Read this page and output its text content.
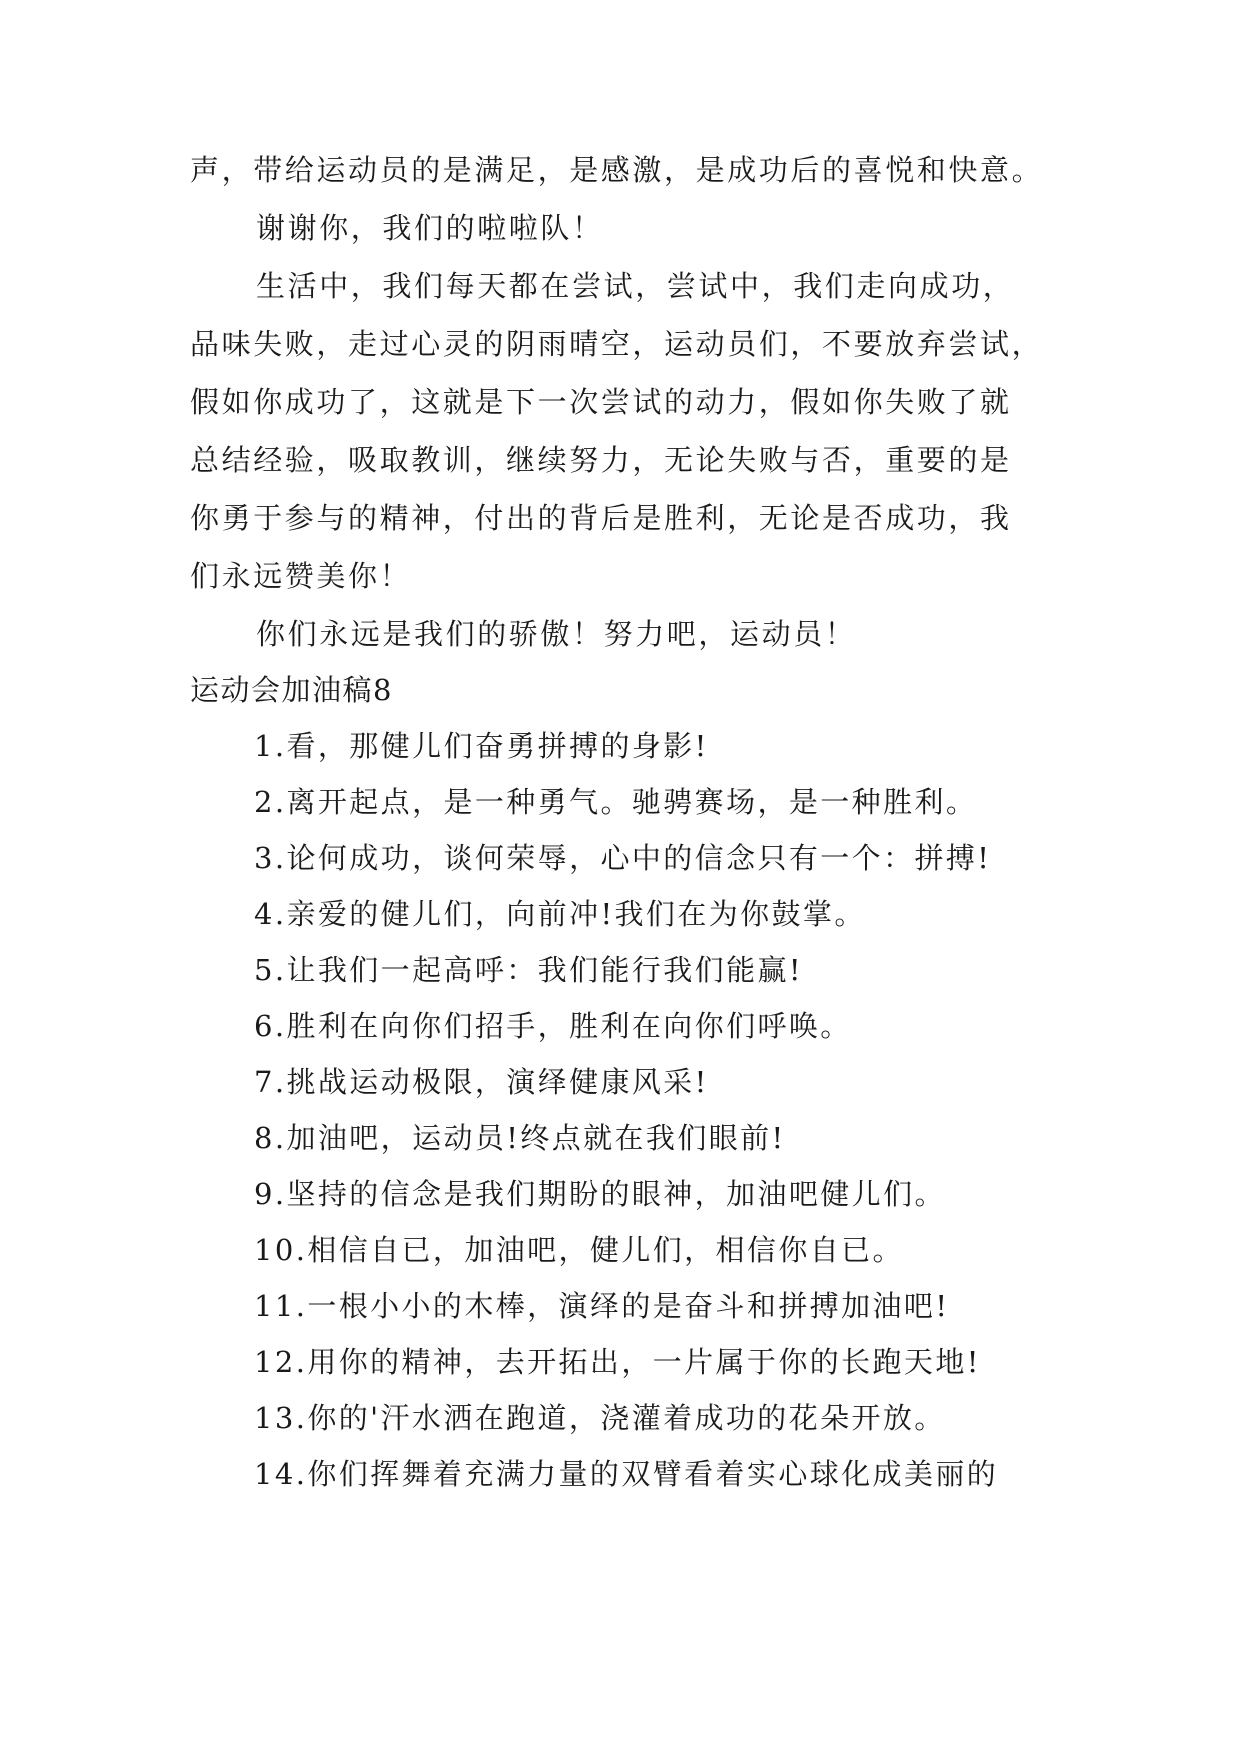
声，带给运动员的是满足，是感激，是成功后的喜悦和快意。
谢谢你，我们的啦啦队！
生活中，我们每天都在尝试，尝试中，我们走向成功，
品味失败，走过心灵的阴雨晴空，运动员们，不要放弃尝试，
假如你成功了，这就是下一次尝试的动力，假如你失败了就
总结经验，吸取教训，继续努力，无论失败与否，重要的是
你勇于参与的精神，付出的背后是胜利，无论是否成功，我
们永远赞美你！
你们永远是我们的骄傲！努力吧，运动员！
运动会加油稿8
1.看，那健儿们奋勇拼搏的身影!
2.离开起点，是一种勇气。驰骋赛场，是一种胜利。
3.论何成功，谈何荣辱，心中的信念只有一个：拼搏!
4.亲爱的健儿们，向前冲!我们在为你鼓掌。
5.让我们一起高呼：我们能行我们能赢!
6.胜利在向你们招手，胜利在向你们呼唤。
7.挑战运动极限，演绎健康风采!
8.加油吧，运动员!终点就在我们眼前!
9.坚持的信念是我们期盼的眼神，加油吧健儿们。
10.相信自已，加油吧，健儿们，相信你自已。
11.一根小小的木棒，演绎的是奋斗和拼搏加油吧!
12.用你的精神，去开拓出，一片属于你的长跑天地!
13.你的'汗水洒在跑道，浇灌着成功的花朵开放。
14.你们挥舞着充满力量的双臂看着实心球化成美丽的
